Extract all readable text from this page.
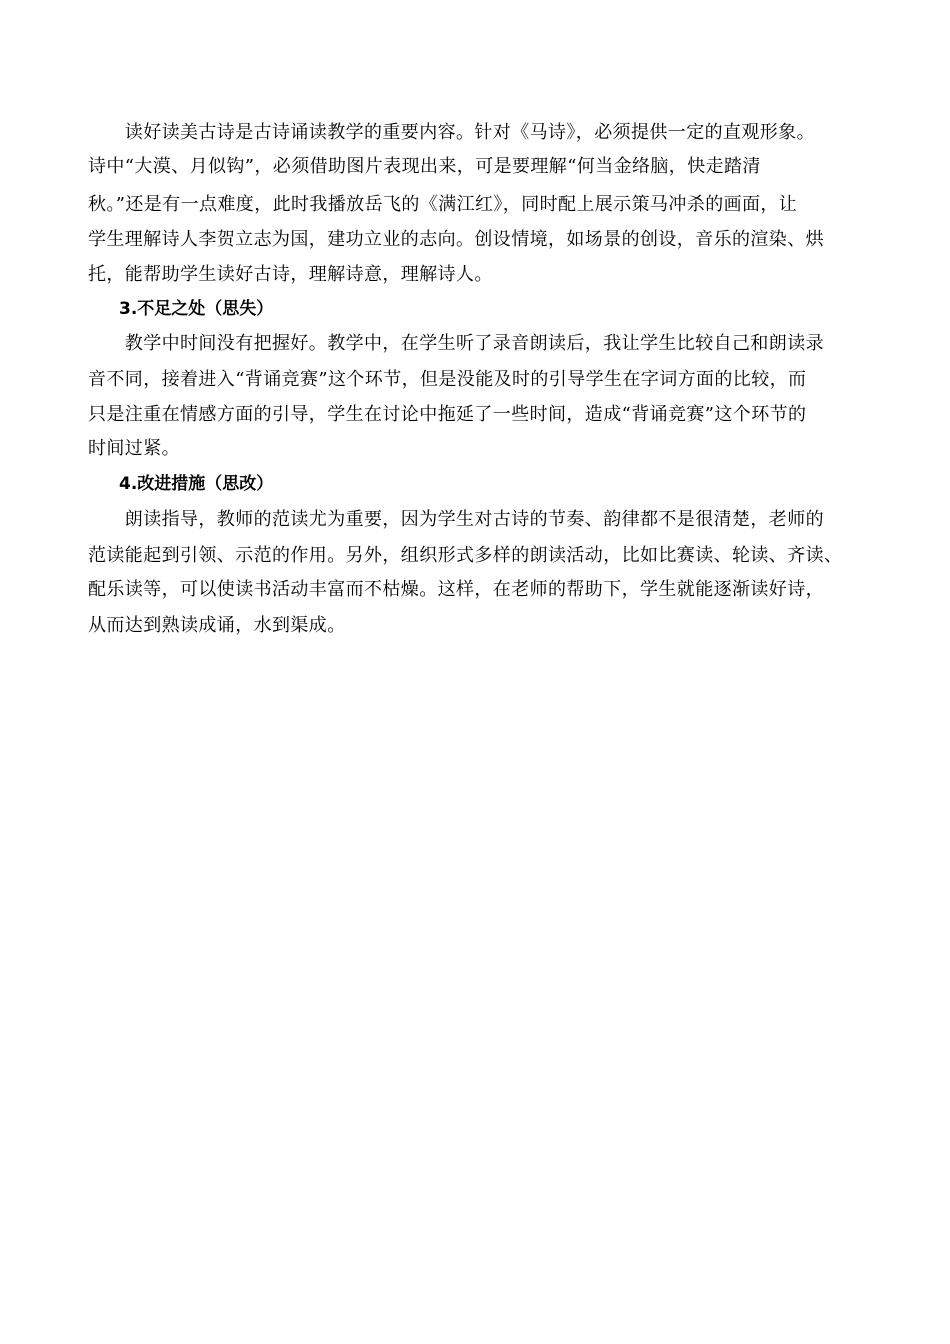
　　读好读美古诗是古诗诵读教学的重要内容。针对《马诗》，必须提供一定的直观形象。
诗中“大漠、月似钩”，必须借助图片表现出来，可是要理解“何当金络脑，快走踏清
秋。”还是有一点难度，此时我播放岳飞的《满江红》，同时配上展示策马冲杀的画面，让
学生理解诗人李贺立志为国，建功立业的志向。创设情境，如场景的创设，音乐的渲染、烘
托，能帮助学生读好古诗，理解诗意，理解诗人。
3.不足之处（思失）
　　教学中时间没有把握好。教学中，在学生听了录音朗读后，我让学生比较自己和朗读录
音不同，接着进入“背诵竞赛”这个环节，但是没能及时的引导学生在字词方面的比较，而
只是注重在情感方面的引导，学生在讨论中拖延了一些时间，造成“背诵竞赛”这个环节的
时间过紧。
4.改进措施（思改）
　　朗读指导，教师的范读尤为重要，因为学生对古诗的节奏、韵律都不是很清楚，老师的
范读能起到引领、示范的作用。另外，组织形式多样的朗读活动，比如比赛读、轮读、齐读、
配乐读等，可以使读书活动丰富而不枯燥。这样，在老师的帮助下，学生就能逐渐读好诗，
从而达到熟读成诵，水到渠成。
